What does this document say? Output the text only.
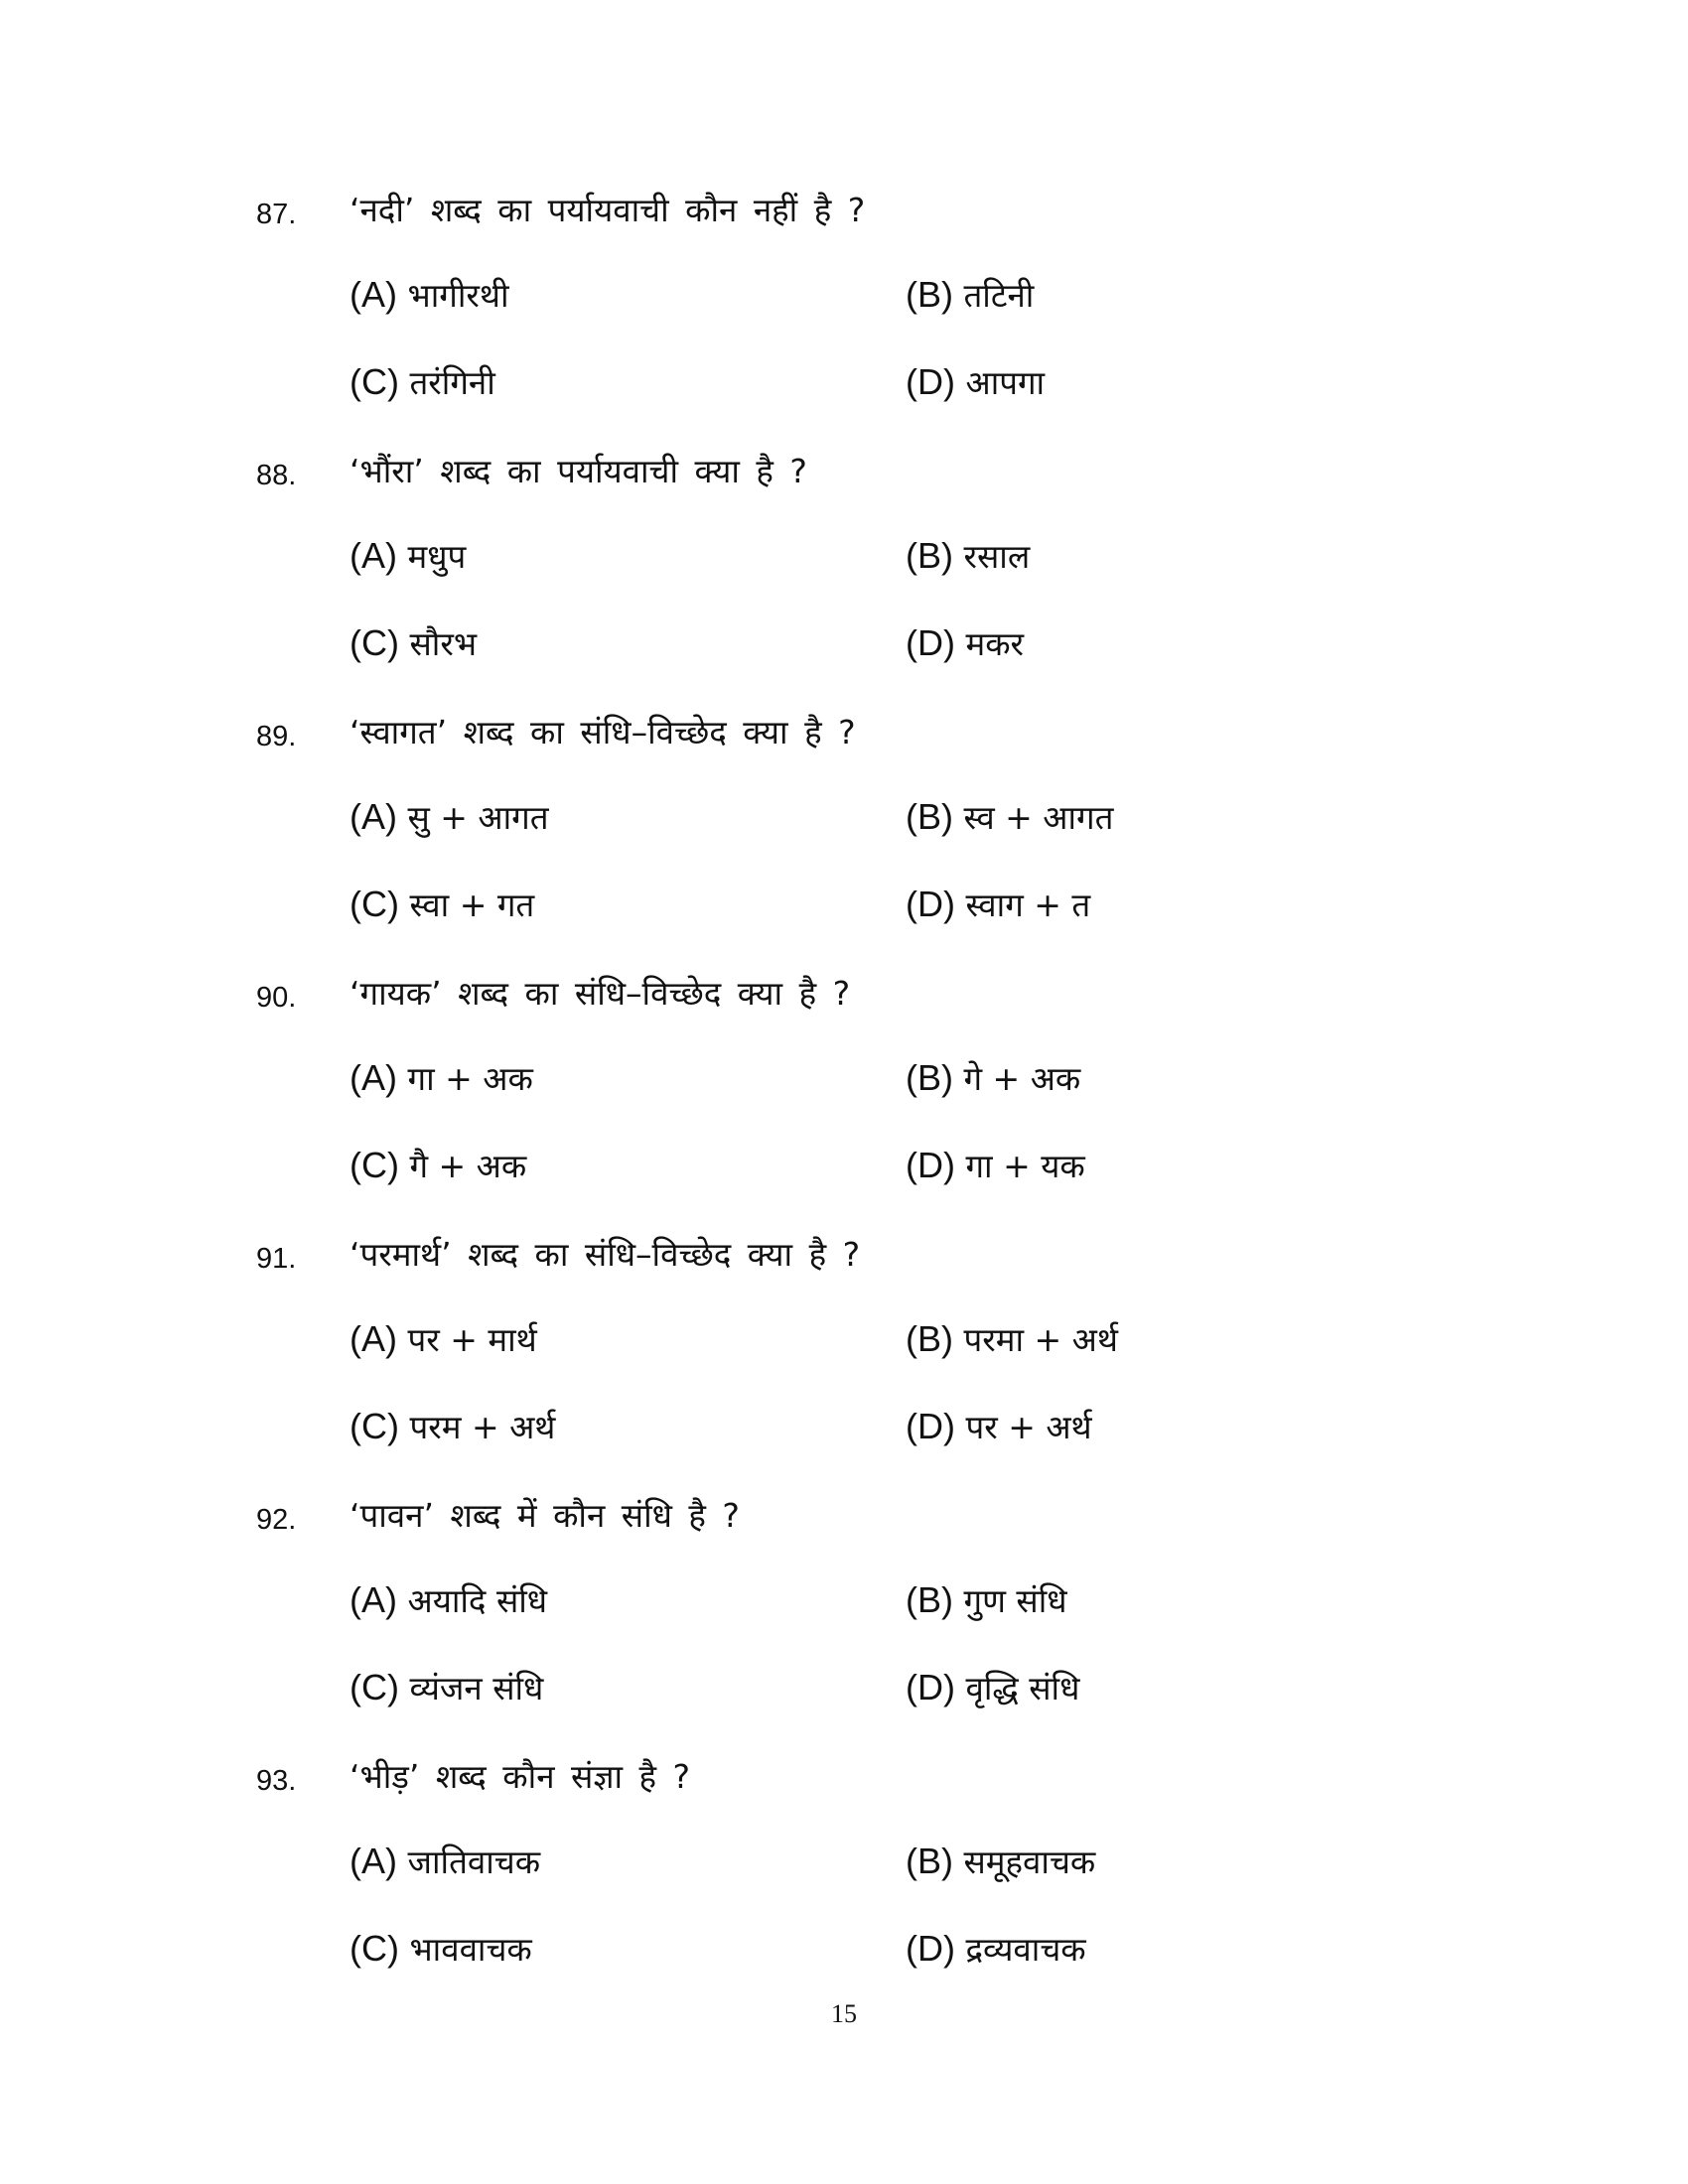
87. ‘नदी’ शब्द का पर्यायवाची कौन नहीं है ?
(A) भागीरथी	(B) तटिनी
(C) तरंगिनी	(D) आपगा
88. ‘भौंरा’ शब्द का पर्यायवाची क्या है ?
(A) मधुप	(B) रसाल
(C) सौरभ	(D) मकर
89. ‘स्वागत’ शब्द का संधि–विच्छेद क्या है ?
(A) सु + आगत	(B) स्व + आगत
(C) स्वा + गत	(D) स्वाग + त
90. ‘गायक’ शब्द का संधि–विच्छेद क्या है ?
(A) गा + अक	(B) गे + अक
(C) गै + अक	(D) गा + यक
91. ‘परमार्थ’ शब्द का संधि–विच्छेद क्या है ?
(A) पर + मार्थ	(B) परमा + अर्थ
(C) परम + अर्थ	(D) पर + अर्थ
92. ‘पावन’ शब्द में कौन संधि है ?
(A) अयादि संधि	(B) गुण संधि
(C) व्यंजन संधि	(D) वृद्धि संधि
93. ‘भीड़’ शब्द कौन संज्ञा है ?
(A) जातिवाचक	(B) समूहवाचक
(C) भाववाचक	(D) द्रव्यवाचक
15
